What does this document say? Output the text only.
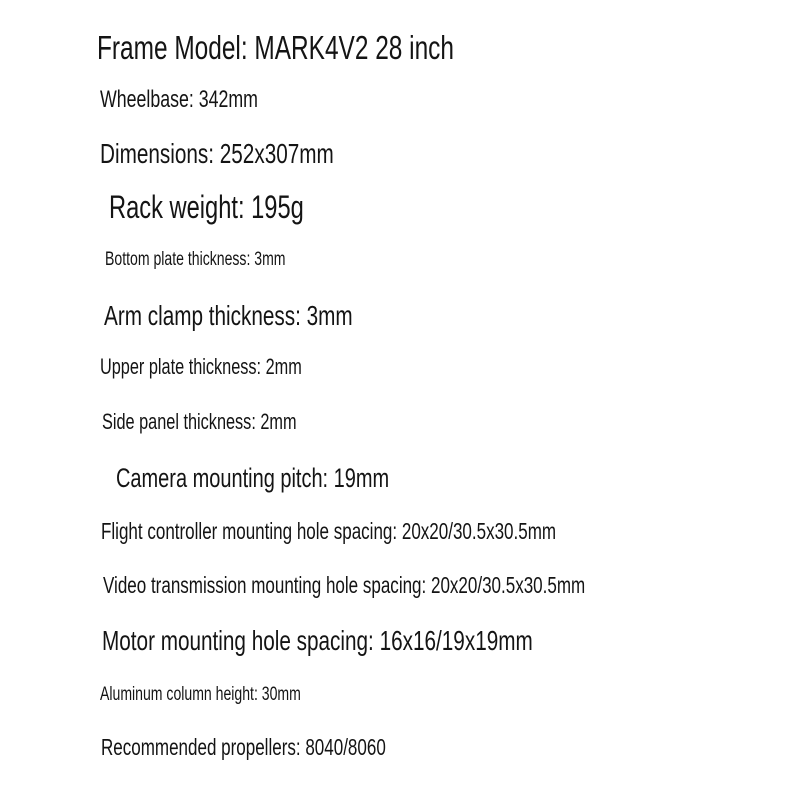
Frame Model: MARK4V2 28 inch
Wheelbase: 342mm
Dimensions: 252x307mm
Rack weight: 195g
Bottom plate thickness: 3mm
Arm clamp thickness: 3mm
Upper plate thickness: 2mm
Side panel thickness: 2mm
Camera mounting pitch: 19mm
Flight controller mounting hole spacing: 20x20/30.5x30.5mm
Video transmission mounting hole spacing: 20x20/30.5x30.5mm
Motor mounting hole spacing: 16x16/19x19mm
Aluminum column height: 30mm
Recommended propellers: 8040/8060
